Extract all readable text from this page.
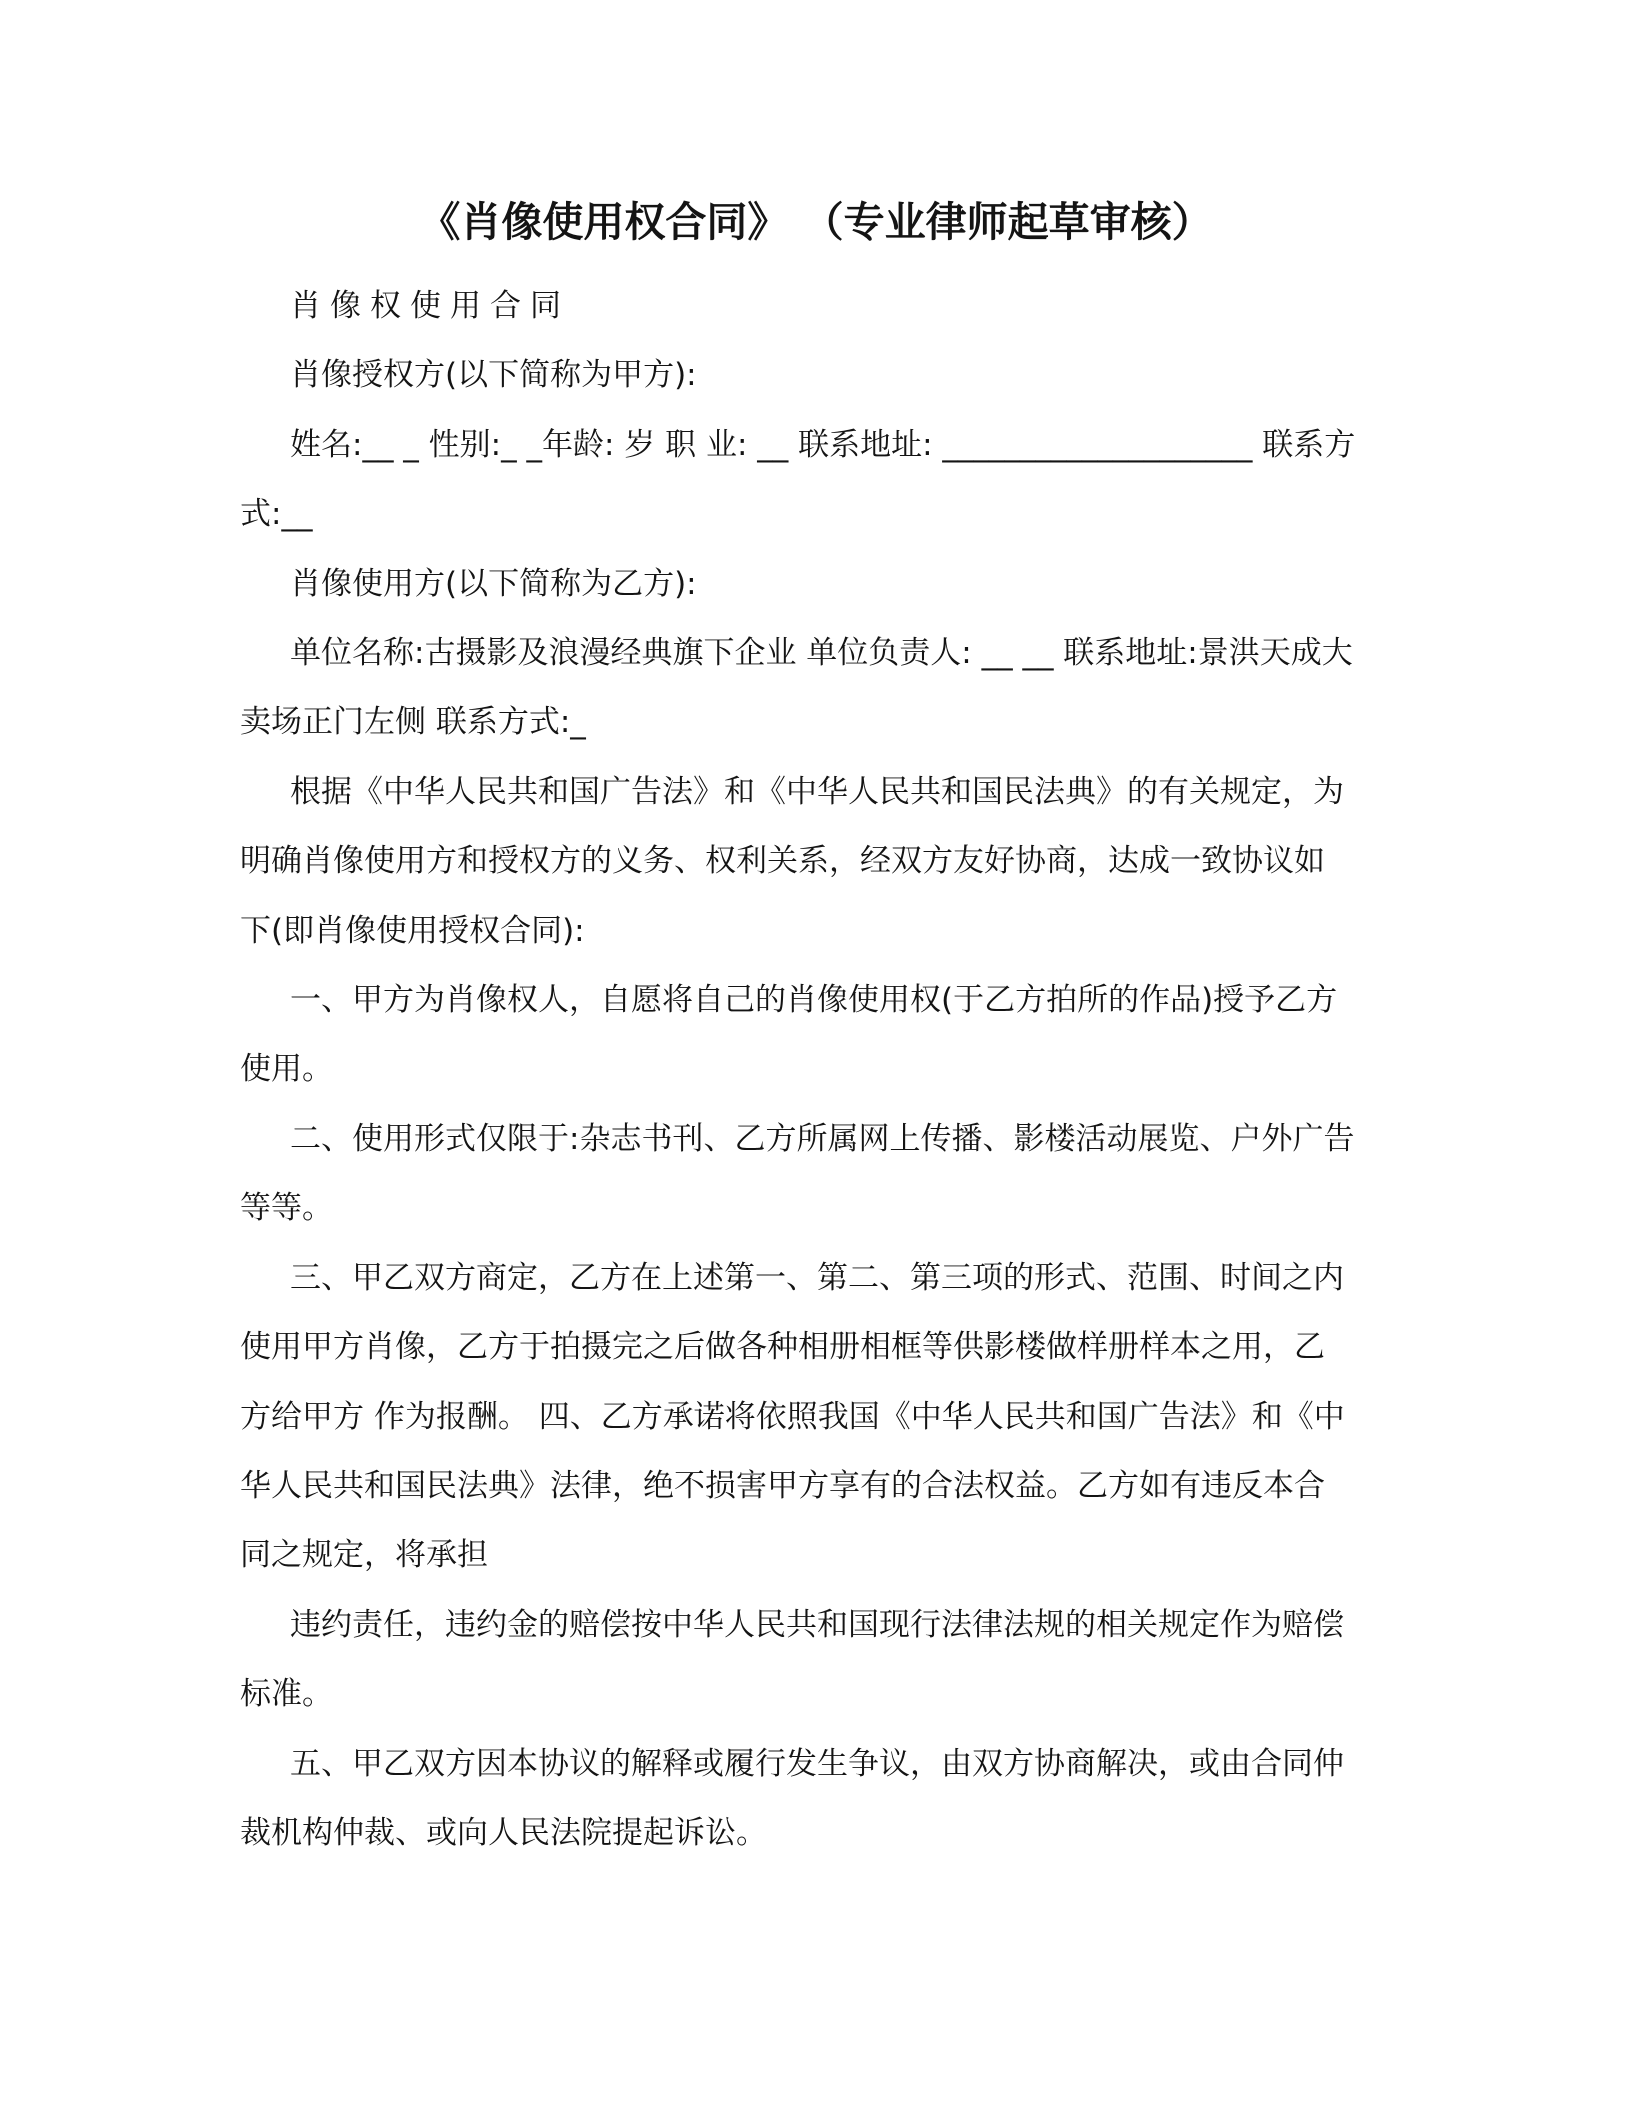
《肖像使用权合同》 （专业律师起草审核）

肖像权使用合同

肖像授权方(以下简称为甲方):

姓名:__ _ 性别:_ _年龄: 岁 职 业: __ 联系地址: ____________________ 联系方
式:__

肖像使用方(以下简称为乙方):

单位名称:古摄影及浪漫经典旗下企业 单位负责人: __ __ 联系地址:景洪天成大
卖场正门左侧 联系方式:_

根据《中华人民共和国广告法》和《中华人民共和国民法典》的有关规定，为
明确肖像使用方和授权方的义务、权利关系，经双方友好协商，达成一致协议如
下(即肖像使用授权合同):

一、甲方为肖像权人，自愿将自己的肖像使用权(于乙方拍所的作品)授予乙方
使用。

二、使用形式仅限于:杂志书刊、乙方所属网上传播、影楼活动展览、户外广告
等等。

三、甲乙双方商定，乙方在上述第一、第二、第三项的形式、范围、时间之内
使用甲方肖像，乙方于拍摄完之后做各种相册相框等供影楼做样册样本之用，乙
方给甲方 作为报酬。 四、乙方承诺将依照我国《中华人民共和国广告法》和《中
华人民共和国民法典》法律，绝不损害甲方享有的合法权益。乙方如有违反本合
同之规定，将承担

违约责任，违约金的赔偿按中华人民共和国现行法律法规的相关规定作为赔偿
标准。

五、甲乙双方因本协议的解释或履行发生争议，由双方协商解决，或由合同仲
裁机构仲裁、或向人民法院提起诉讼。
